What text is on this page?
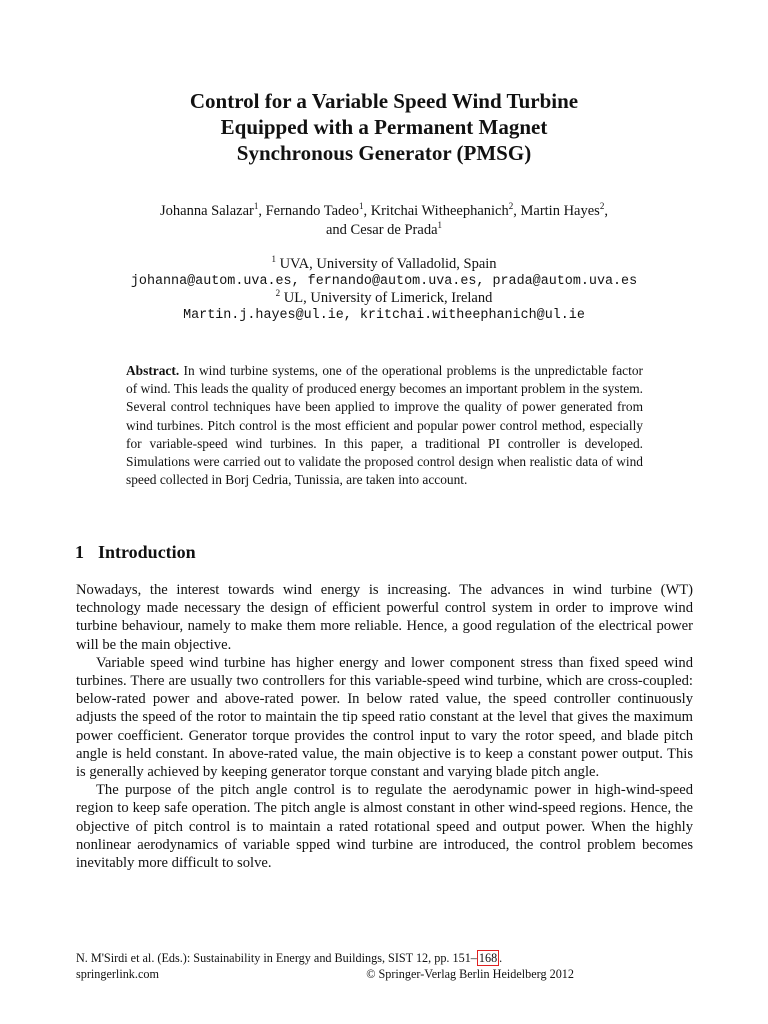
Control for a Variable Speed Wind Turbine
Equipped with a Permanent Magnet
Synchronous Generator (PMSG)
Johanna Salazar$^1$, Fernando Tadeo$^1$, Kritchai Witheephanich$^2$, Martin Hayes$^2$,
and Cesar de Prada$^1$
$^1$ UVA, University of Valladolid, Spain
johanna@autom.uva.es, fernando@autom.uva.es, prada@autom.uva.es
$^2$ UL, University of Limerick, Ireland
Martin.j.hayes@ul.ie, kritchai.witheephanich@ul.ie
Abstract. In wind turbine systems, one of the operational problems is the unpredictable factor of wind. This leads the quality of produced energy becomes an important problem in the system. Several control techniques have been applied to improve the quality of power generated from wind turbines. Pitch control is the most efficient and popular power control method, especially for variable-speed wind turbines. In this paper, a traditional PI controller is developed. Simulations were carried out to validate the proposed control design when realistic data of wind speed collected in Borj Cedria, Tunissia, are taken into account.
1 Introduction

Nowadays, the interest towards wind energy is increasing. The advances in wind turbine (WT) technology made necessary the design of efficient powerful control system in order to improve wind turbine behaviour, namely to make them more reliable. Hence, a good regulation of the electrical power will be the main objective.

Variable speed wind turbine has higher energy and lower component stress than fixed speed wind turbines. There are usually two controllers for this variable-speed wind turbine, which are cross-coupled: below-rated power and above-rated power. In below rated value, the speed controller continuously adjusts the speed of the rotor to maintain the tip speed ratio constant at the level that gives the maximum power coefficient. Generator torque provides the control input to vary the rotor speed, and blade pitch angle is held constant. In above-rated value, the main objective is to keep a constant power output. This is generally achieved by keeping generator torque constant and varying blade pitch angle.

The purpose of the pitch angle control is to regulate the aerodynamic power in high-wind-speed region to keep safe operation. The pitch angle is almost constant in other wind-speed regions. Hence, the objective of pitch control is to maintain a rated rotational speed and output power. When the highly nonlinear aerodynamics of variable spped wind turbine are introduced, the control problem becomes inevitably more difficult to solve.

N. M'Sirdi et al. (Eds.): Sustainability in Energy and Buildings, SIST 12, pp. 151– 168 .
springerlink.com	© Springer-Verlag Berlin Heidelberg 2012
